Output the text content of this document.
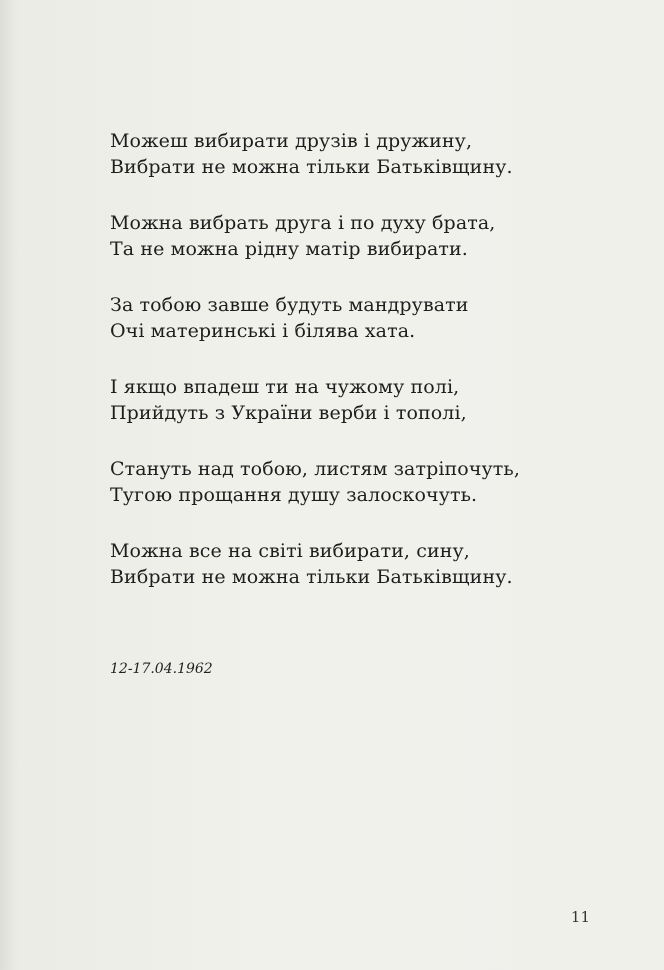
Можеш вибирати друзів і дружину,
Вибрати не можна тільки Батьківщину.
Можна вибрать друга і по духу брата,
Та не можна рідну матір вибирати.
За тобою завше будуть мандрувати
Очі материнські і білява хата.
І якщо впадеш ти на чужому полі,
Прийдуть з України верби і тополі,
Стануть над тобою, листям затріпочуть,
Тугою прощання душу залоскочуть.
Можна все на світі вибирати, сину,
Вибрати не можна тільки Батьківщину.
12-17.04.1962
11
